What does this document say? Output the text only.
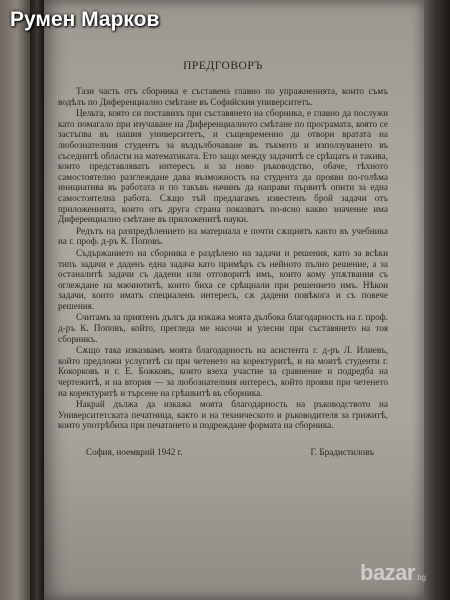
Румен Марков
ПРЕДГОВОРЪ

Тази часть отъ сборника е съставена главно по упражненията, които съмъ водѣлъ по Диференциално смѣтане въ Софийския университетъ.

Цельта, която си поставихъ при съставянето на сборника, е главно да послужи като помагало при изучаване на Диференциалното смѣтане по програмата, която се застъпва въ нашия университетъ, и същевременно да отвори вратата на любознателния студентъ за въздълбочаване въ тъкмото и използуването въ съседнитѣ области на математиката. Ето защо между задачитѣ се срѣщатъ и такива, които представляватъ интересъ и за ново ръководство, обаче, тѣхното самостоятелно разглеждане дава възможность на студента да прояви по-голѣма инициатива въ работата и по такъвъ начинъ да направи първитѣ опити за една самостоятелна работа. Сѫщо тъй предлагамъ известенъ брой задачи отъ приложенията, които отъ друга страна показватъ по-ясно какво значение има Диференциално смѣтане въ приложенитѣ науки.

Редътъ на разпредѣлението на материала е почти сѫщиятъ както въ учебника на г. проф. д-ръ К. Поповъ.

Съдържанието на сборника е раздѣлено на задачи и решения, като за всѣки типъ задачи е даденъ една задача като примѣръ съ нейното пълно решение, а за останалитѣ задачи съ дадени или отговоритѣ имъ, които кому упѫтвания съ оглеждане на мжчнотитѣ, които биха се срѣщнали при решението имъ. Нѣкои задачи, които иматъ специаленъ интересъ, сѫ дадени повѣкога и съ повече решения.

Считамъ за приятенъ дългъ да изкажа моята дълбока благодарность на г. проф. д-ръ К. Поповъ, който, прегледа ме насочи и улесни при съставянето на тоя сборникъ.

Сѫщо така изказвамъ моята благодарность на асистента г. д-ръ Л. Илиевъ, който предложи услугитѣ си при четенето на коректуритѣ, и на моитѣ студенти г. Кокорковъ и г. Е. Божковъ, които взеха участие за сравнение и подредба на чертежитѣ, и на втория — за любознателния интересъ, който прояви при четенето на коректуритѣ и търсене на грѣшкитѣ въ сборника.

Накрай дължа да изкажа моята благодарность на ръководството на Университетската печатница, както и на техническото и ръководителя за грижитѣ, които употрѣбиха при печатането и подреждане формата на сборника.

София, ноемврий 1942 г.	Г. Брадистиловъ
bazar.bg
